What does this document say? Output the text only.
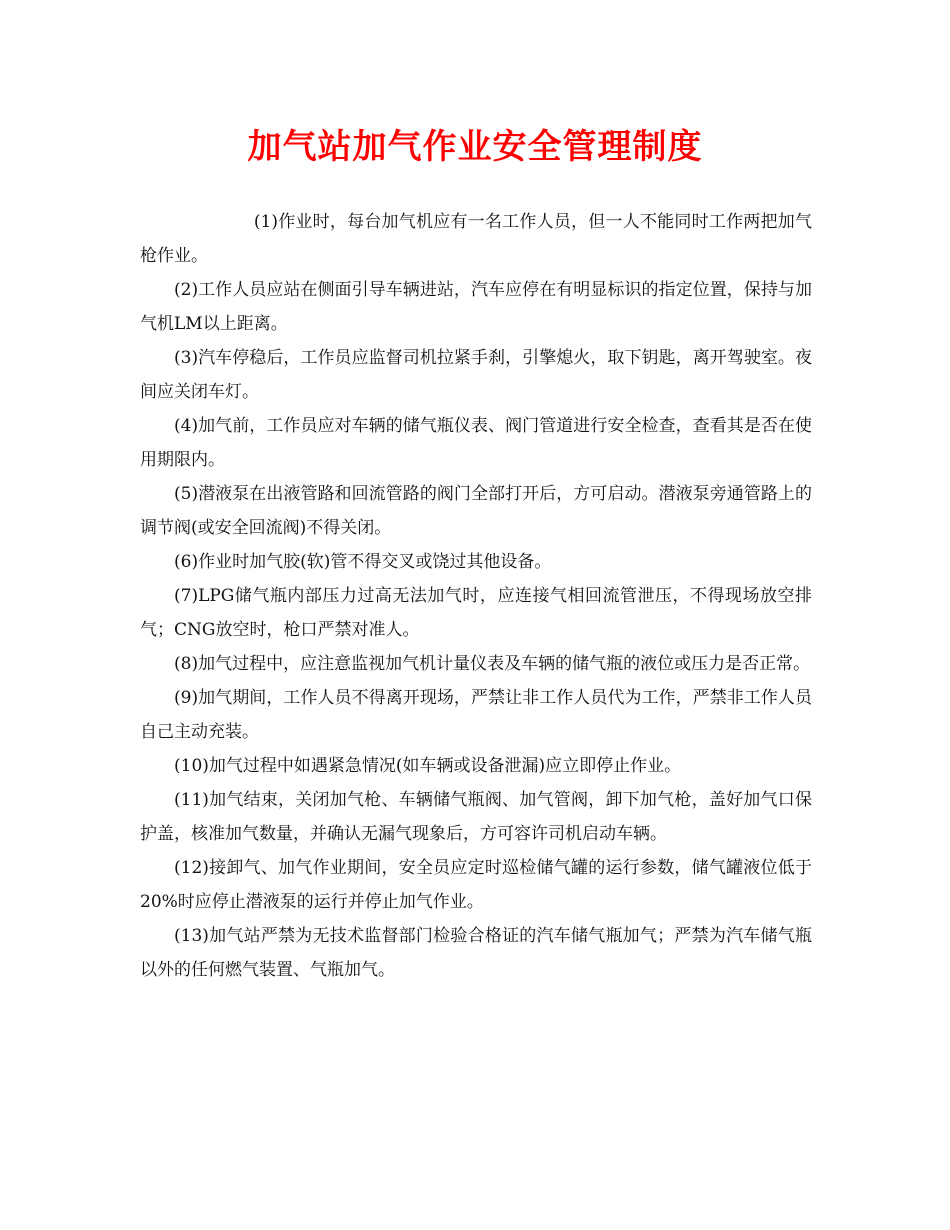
加气站加气作业安全管理制度

(1)作业时，每台加气机应有一名工作人员，但一人不能同时工作两把加气枪作业。

(2)工作人员应站在侧面引导车辆进站，汽车应停在有明显标识的指定位置，保持与加气机LM以上距离。

(3)汽车停稳后，工作员应监督司机拉紧手刹，引擎熄火，取下钥匙，离开驾驶室。夜间应关闭车灯。

(4)加气前，工作员应对车辆的储气瓶仪表、阀门管道进行安全检查，查看其是否在使用期限内。

(5)潜液泵在出液管路和回流管路的阀门全部打开后，方可启动。潜液泵旁通管路上的调节阀(或安全回流阀)不得关闭。

(6)作业时加气胶(软)管不得交叉或饶过其他设备。

(7)LPG储气瓶内部压力过高无法加气时，应连接气相回流管泄压，不得现场放空排气；CNG放空时，枪口严禁对准人。

(8)加气过程中，应注意监视加气机计量仪表及车辆的储气瓶的液位或压力是否正常。

(9)加气期间，工作人员不得离开现场，严禁让非工作人员代为工作，严禁非工作人员自己主动充装。

(10)加气过程中如遇紧急情况(如车辆或设备泄漏)应立即停止作业。

(11)加气结束，关闭加气枪、车辆储气瓶阀、加气管阀，卸下加气枪，盖好加气口保护盖，核准加气数量，并确认无漏气现象后，方可容许司机启动车辆。

(12)接卸气、加气作业期间，安全员应定时巡检储气罐的运行参数，储气罐液位低于20%时应停止潜液泵的运行并停止加气作业。

(13)加气站严禁为无技术监督部门检验合格证的汽车储气瓶加气；严禁为汽车储气瓶以外的任何燃气装置、气瓶加气。
